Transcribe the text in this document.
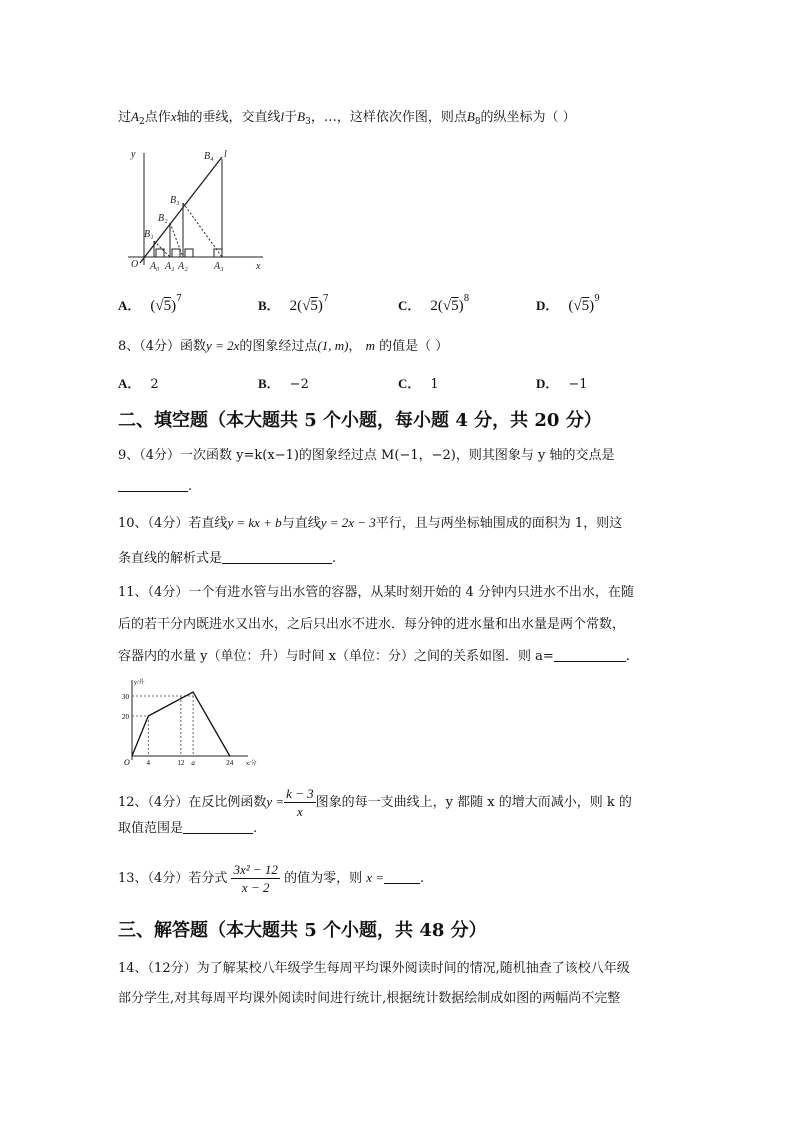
过$A_2$点作x轴的垂线，交直线l于$B_3$，…，这样依次作图，则点$B_8$的纵坐标为（ ）
y
x
O
l
B₁
B₂
B₃
B₄
A₀ A₁ A₂	A₃
A． $(√5)^7$	B． $2(√5)^7$	C． $2(√5)^8$	D． $(√5)^9$
8、（4分）函数y = 2x的图象经过点(1, m)， m 的值是（ ）
A． 2	B． −2	C． 1	D． −1
二、填空题（本大题共 5 个小题，每小题 4 分，共 20 分）
9、（4分）一次函数 y=k(x−1)的图象经过点 M(−1，−2)，则其图象与 y 轴的交点是
.
10、（4分）若直线y = kx + b与直线y = 2x − 3平行，且与两坐标轴围成的面积为 1，则这
条直线的解析式是	.
11、（4分）一个有进水管与出水管的容器，从某时刻开始的 4 分钟内只进水不出水，在随
后的若干分内既进水又出水，之后只出水不进水．每分钟的进水量和出水量是两个常数，
容器内的水量 y（单位：升）与时间 x（单位：分）之间的关系如图．则 a=	.
20
30
4	12 a	24
O
y/升
x/分
12、（4分）在反比例函数$y = \frac{k - 3}{x}$ 图象的每一支曲线上，y 都随 x 的增大而减小，则 k 的
取值范围是	.
13、（4分）若分式 $\frac{\text{3x² − 12}}{x - 2}$ 的值为零，则 x =	.
三、解答题（本大题共 5 个小题，共 48 分）
14、（12分）为了解某校八年级学生每周平均课外阅读时间的情况,随机抽查了该校八年级
部分学生,对其每周平均课外阅读时间进行统计,根据统计数据绘制成如图的两幅尚不完整
